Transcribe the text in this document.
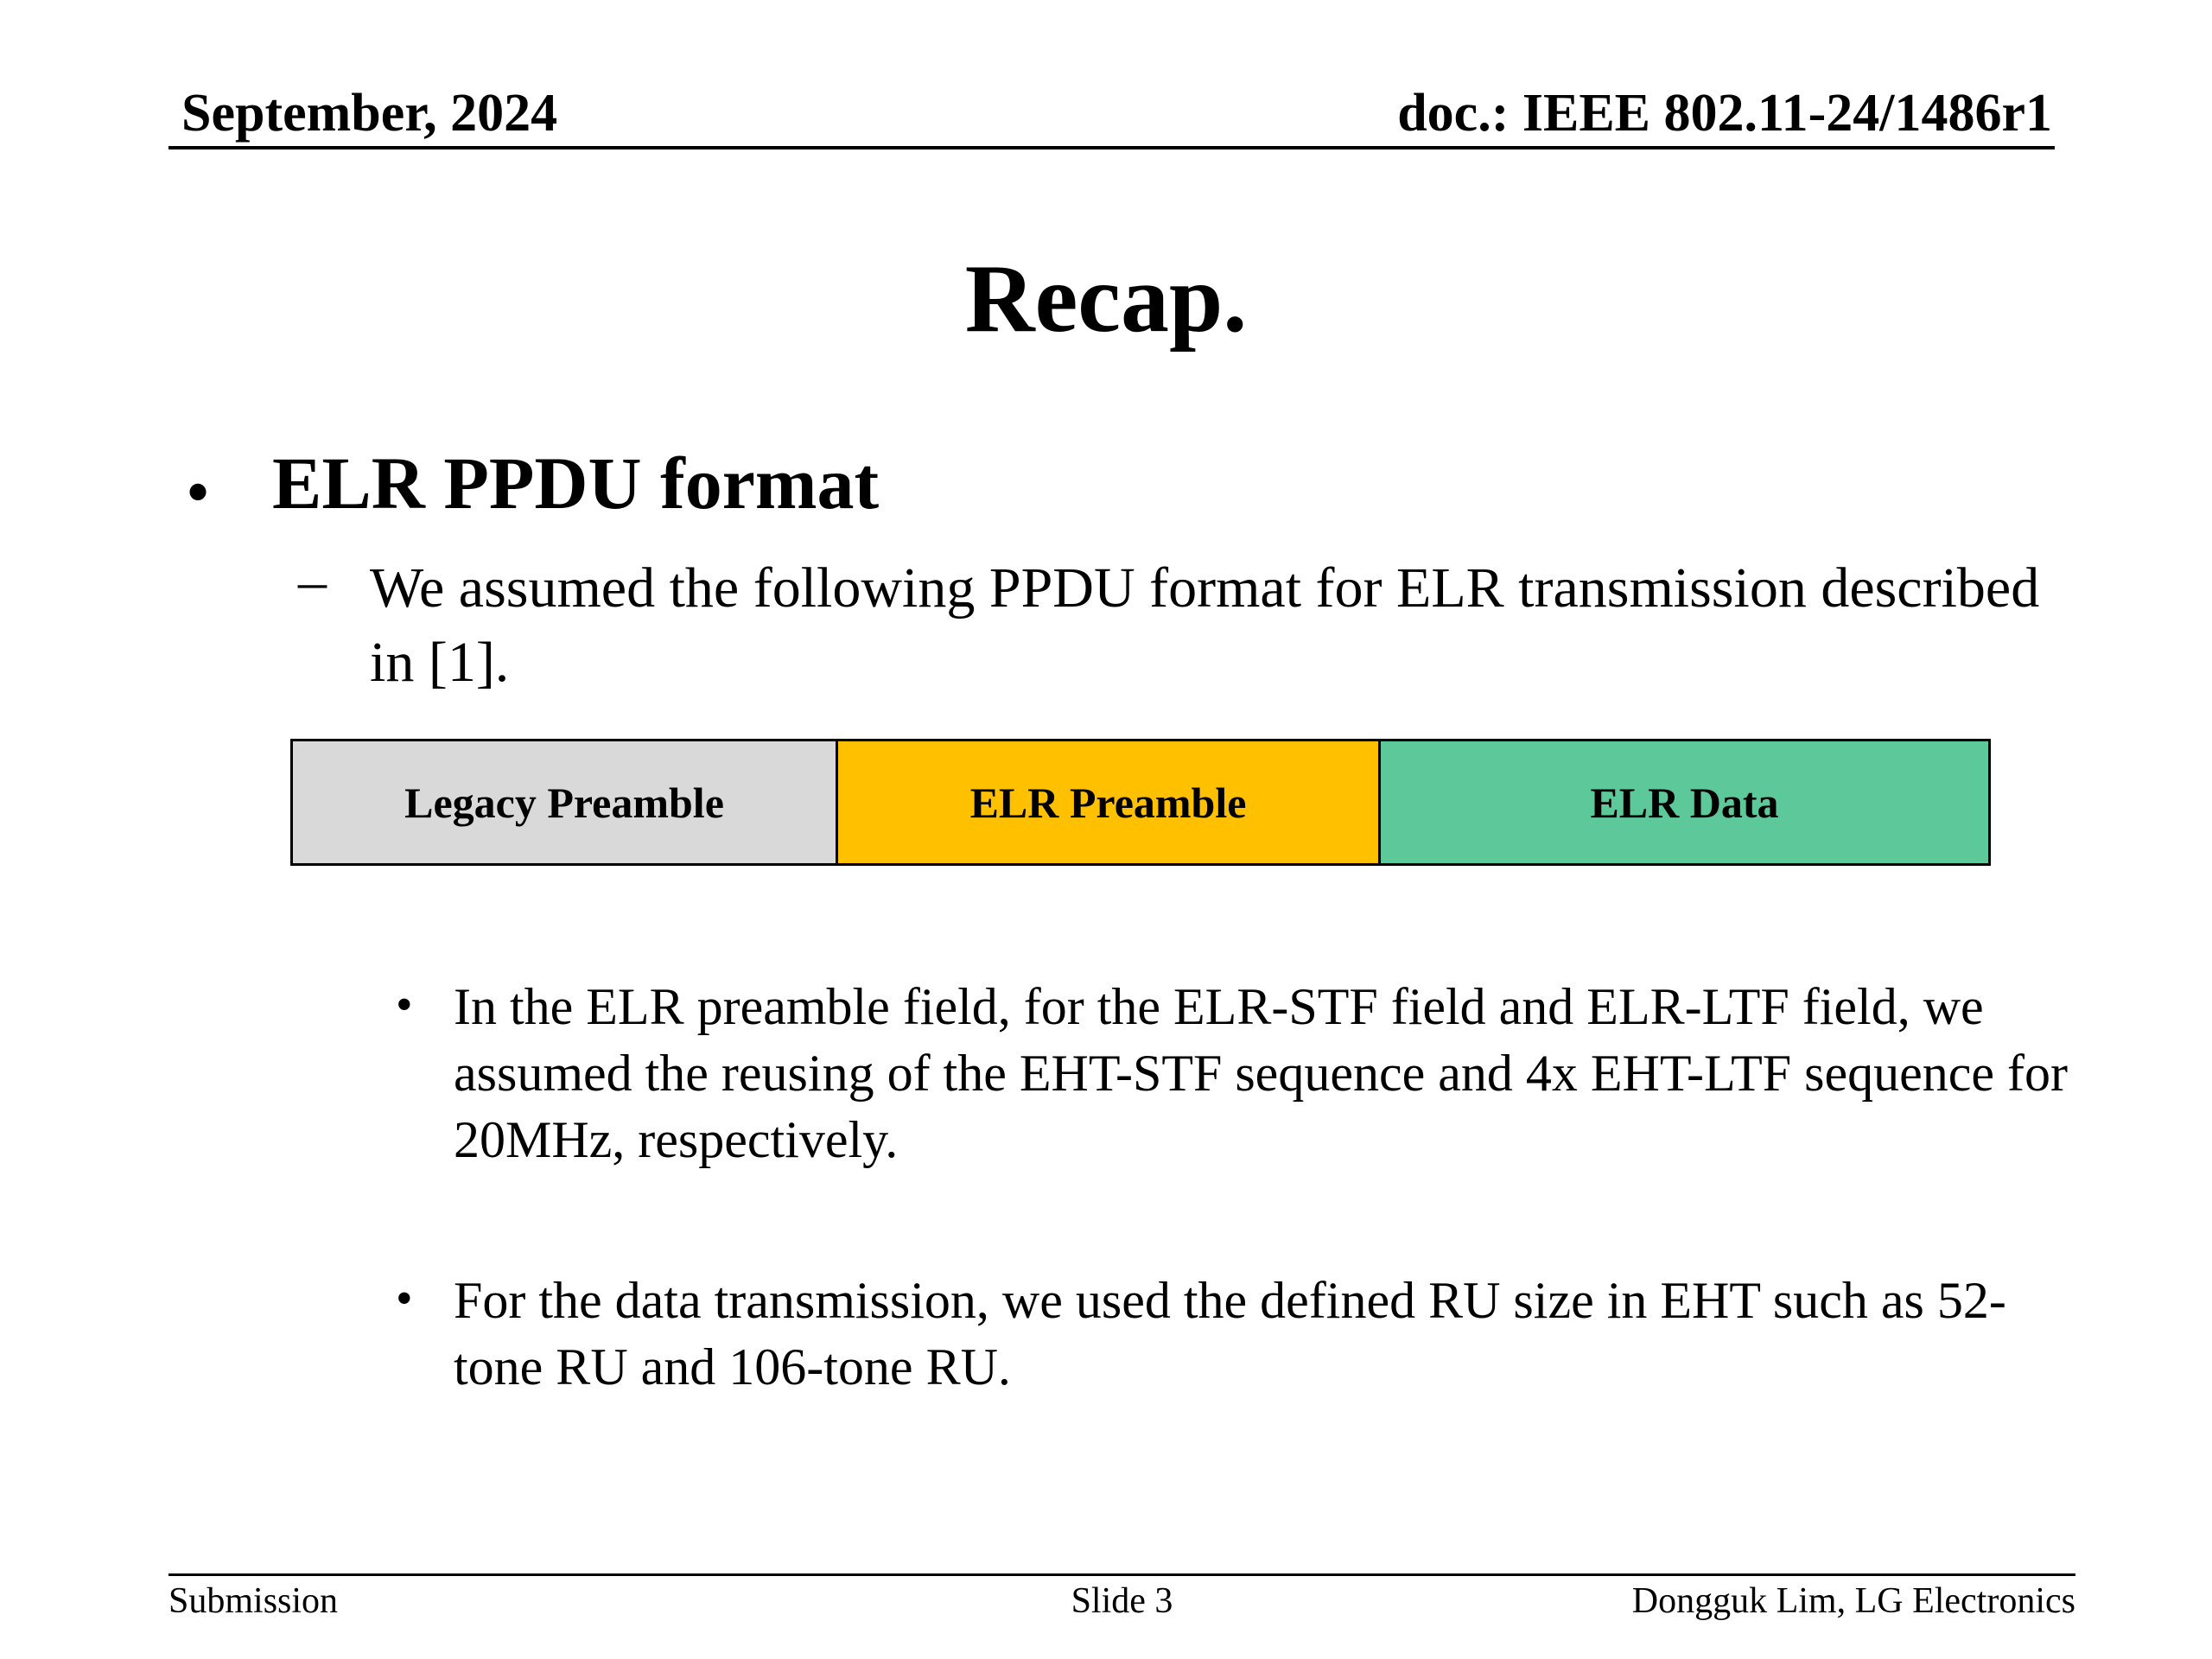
September, 2024	doc.: IEEE 802.11-24/1486r1
Recap.
• ELR PPDU format
– We assumed the following PPDU format for ELR transmission described in [1].
Legacy Preamble	ELR Preamble	ELR Data
• In the ELR preamble field, for the ELR-STF field and ELR-LTF field, we assumed the reusing of the EHT-STF sequence and 4x EHT-LTF sequence for 20MHz, respectively.
• For the data transmission, we used the defined RU size in EHT such as 52-tone RU and 106-tone RU.
Submission	Slide 3	Dongguk Lim, LG Electronics
